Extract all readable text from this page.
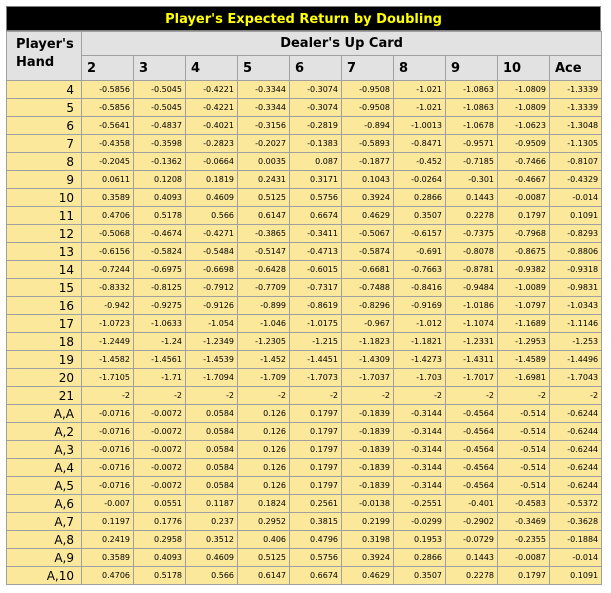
Player's Expected Return by Doubling
Player's Hand	Dealer's Up Card									
	2	3	4	5	6	7	8	9	10	Ace
4	-0.5856	-0.5045	-0.4221	-0.3344	-0.3074	-0.9508	-1.021	-1.0863	-1.0809	-1.3339
5	-0.5856	-0.5045	-0.4221	-0.3344	-0.3074	-0.9508	-1.021	-1.0863	-1.0809	-1.3339
6	-0.5641	-0.4837	-0.4021	-0.3156	-0.2819	-0.894	-1.0013	-1.0678	-1.0623	-1.3048
7	-0.4358	-0.3598	-0.2823	-0.2027	-0.1383	-0.5893	-0.8471	-0.9571	-0.9509	-1.1305
8	-0.2045	-0.1362	-0.0664	0.0035	0.087	-0.1877	-0.452	-0.7185	-0.7466	-0.8107
9	0.0611	0.1208	0.1819	0.2431	0.3171	0.1043	-0.0264	-0.301	-0.4667	-0.4329
10	0.3589	0.4093	0.4609	0.5125	0.5756	0.3924	0.2866	0.1443	-0.0087	-0.014
11	0.4706	0.5178	0.566	0.6147	0.6674	0.4629	0.3507	0.2278	0.1797	0.1091
12	-0.5068	-0.4674	-0.4271	-0.3865	-0.3411	-0.5067	-0.6157	-0.7375	-0.7968	-0.8293
13	-0.6156	-0.5824	-0.5484	-0.5147	-0.4713	-0.5874	-0.691	-0.8078	-0.8675	-0.8806
14	-0.7244	-0.6975	-0.6698	-0.6428	-0.6015	-0.6681	-0.7663	-0.8781	-0.9382	-0.9318
15	-0.8332	-0.8125	-0.7912	-0.7709	-0.7317	-0.7488	-0.8416	-0.9484	-1.0089	-0.9831
16	-0.942	-0.9275	-0.9126	-0.899	-0.8619	-0.8296	-0.9169	-1.0186	-1.0797	-1.0343
17	-1.0723	-1.0633	-1.054	-1.046	-1.0175	-0.967	-1.012	-1.1074	-1.1689	-1.1146
18	-1.2449	-1.24	-1.2349	-1.2305	-1.215	-1.1823	-1.1821	-1.2331	-1.2953	-1.253
19	-1.4582	-1.4561	-1.4539	-1.452	-1.4451	-1.4309	-1.4273	-1.4311	-1.4589	-1.4496
20	-1.7105	-1.71	-1.7094	-1.709	-1.7073	-1.7037	-1.703	-1.7017	-1.6981	-1.7043
21	-2	-2	-2	-2	-2	-2	-2	-2	-2	-2
A,A	-0.0716	-0.0072	0.0584	0.126	0.1797	-0.1839	-0.3144	-0.4564	-0.514	-0.6244
A,2	-0.0716	-0.0072	0.0584	0.126	0.1797	-0.1839	-0.3144	-0.4564	-0.514	-0.6244
A,3	-0.0716	-0.0072	0.0584	0.126	0.1797	-0.1839	-0.3144	-0.4564	-0.514	-0.6244
A,4	-0.0716	-0.0072	0.0584	0.126	0.1797	-0.1839	-0.3144	-0.4564	-0.514	-0.6244
A,5	-0.0716	-0.0072	0.0584	0.126	0.1797	-0.1839	-0.3144	-0.4564	-0.514	-0.6244
A,6	-0.007	0.0551	0.1187	0.1824	0.2561	-0.0138	-0.2551	-0.401	-0.4583	-0.5372
A,7	0.1197	0.1776	0.237	0.2952	0.3815	0.2199	-0.0299	-0.2902	-0.3469	-0.3628
A,8	0.2419	0.2958	0.3512	0.406	0.4796	0.3198	0.1953	-0.0729	-0.2355	-0.1884
A,9	0.3589	0.4093	0.4609	0.5125	0.5756	0.3924	0.2866	0.1443	-0.0087	-0.014
A,10	0.4706	0.5178	0.566	0.6147	0.6674	0.4629	0.3507	0.2278	0.1797	0.1091
